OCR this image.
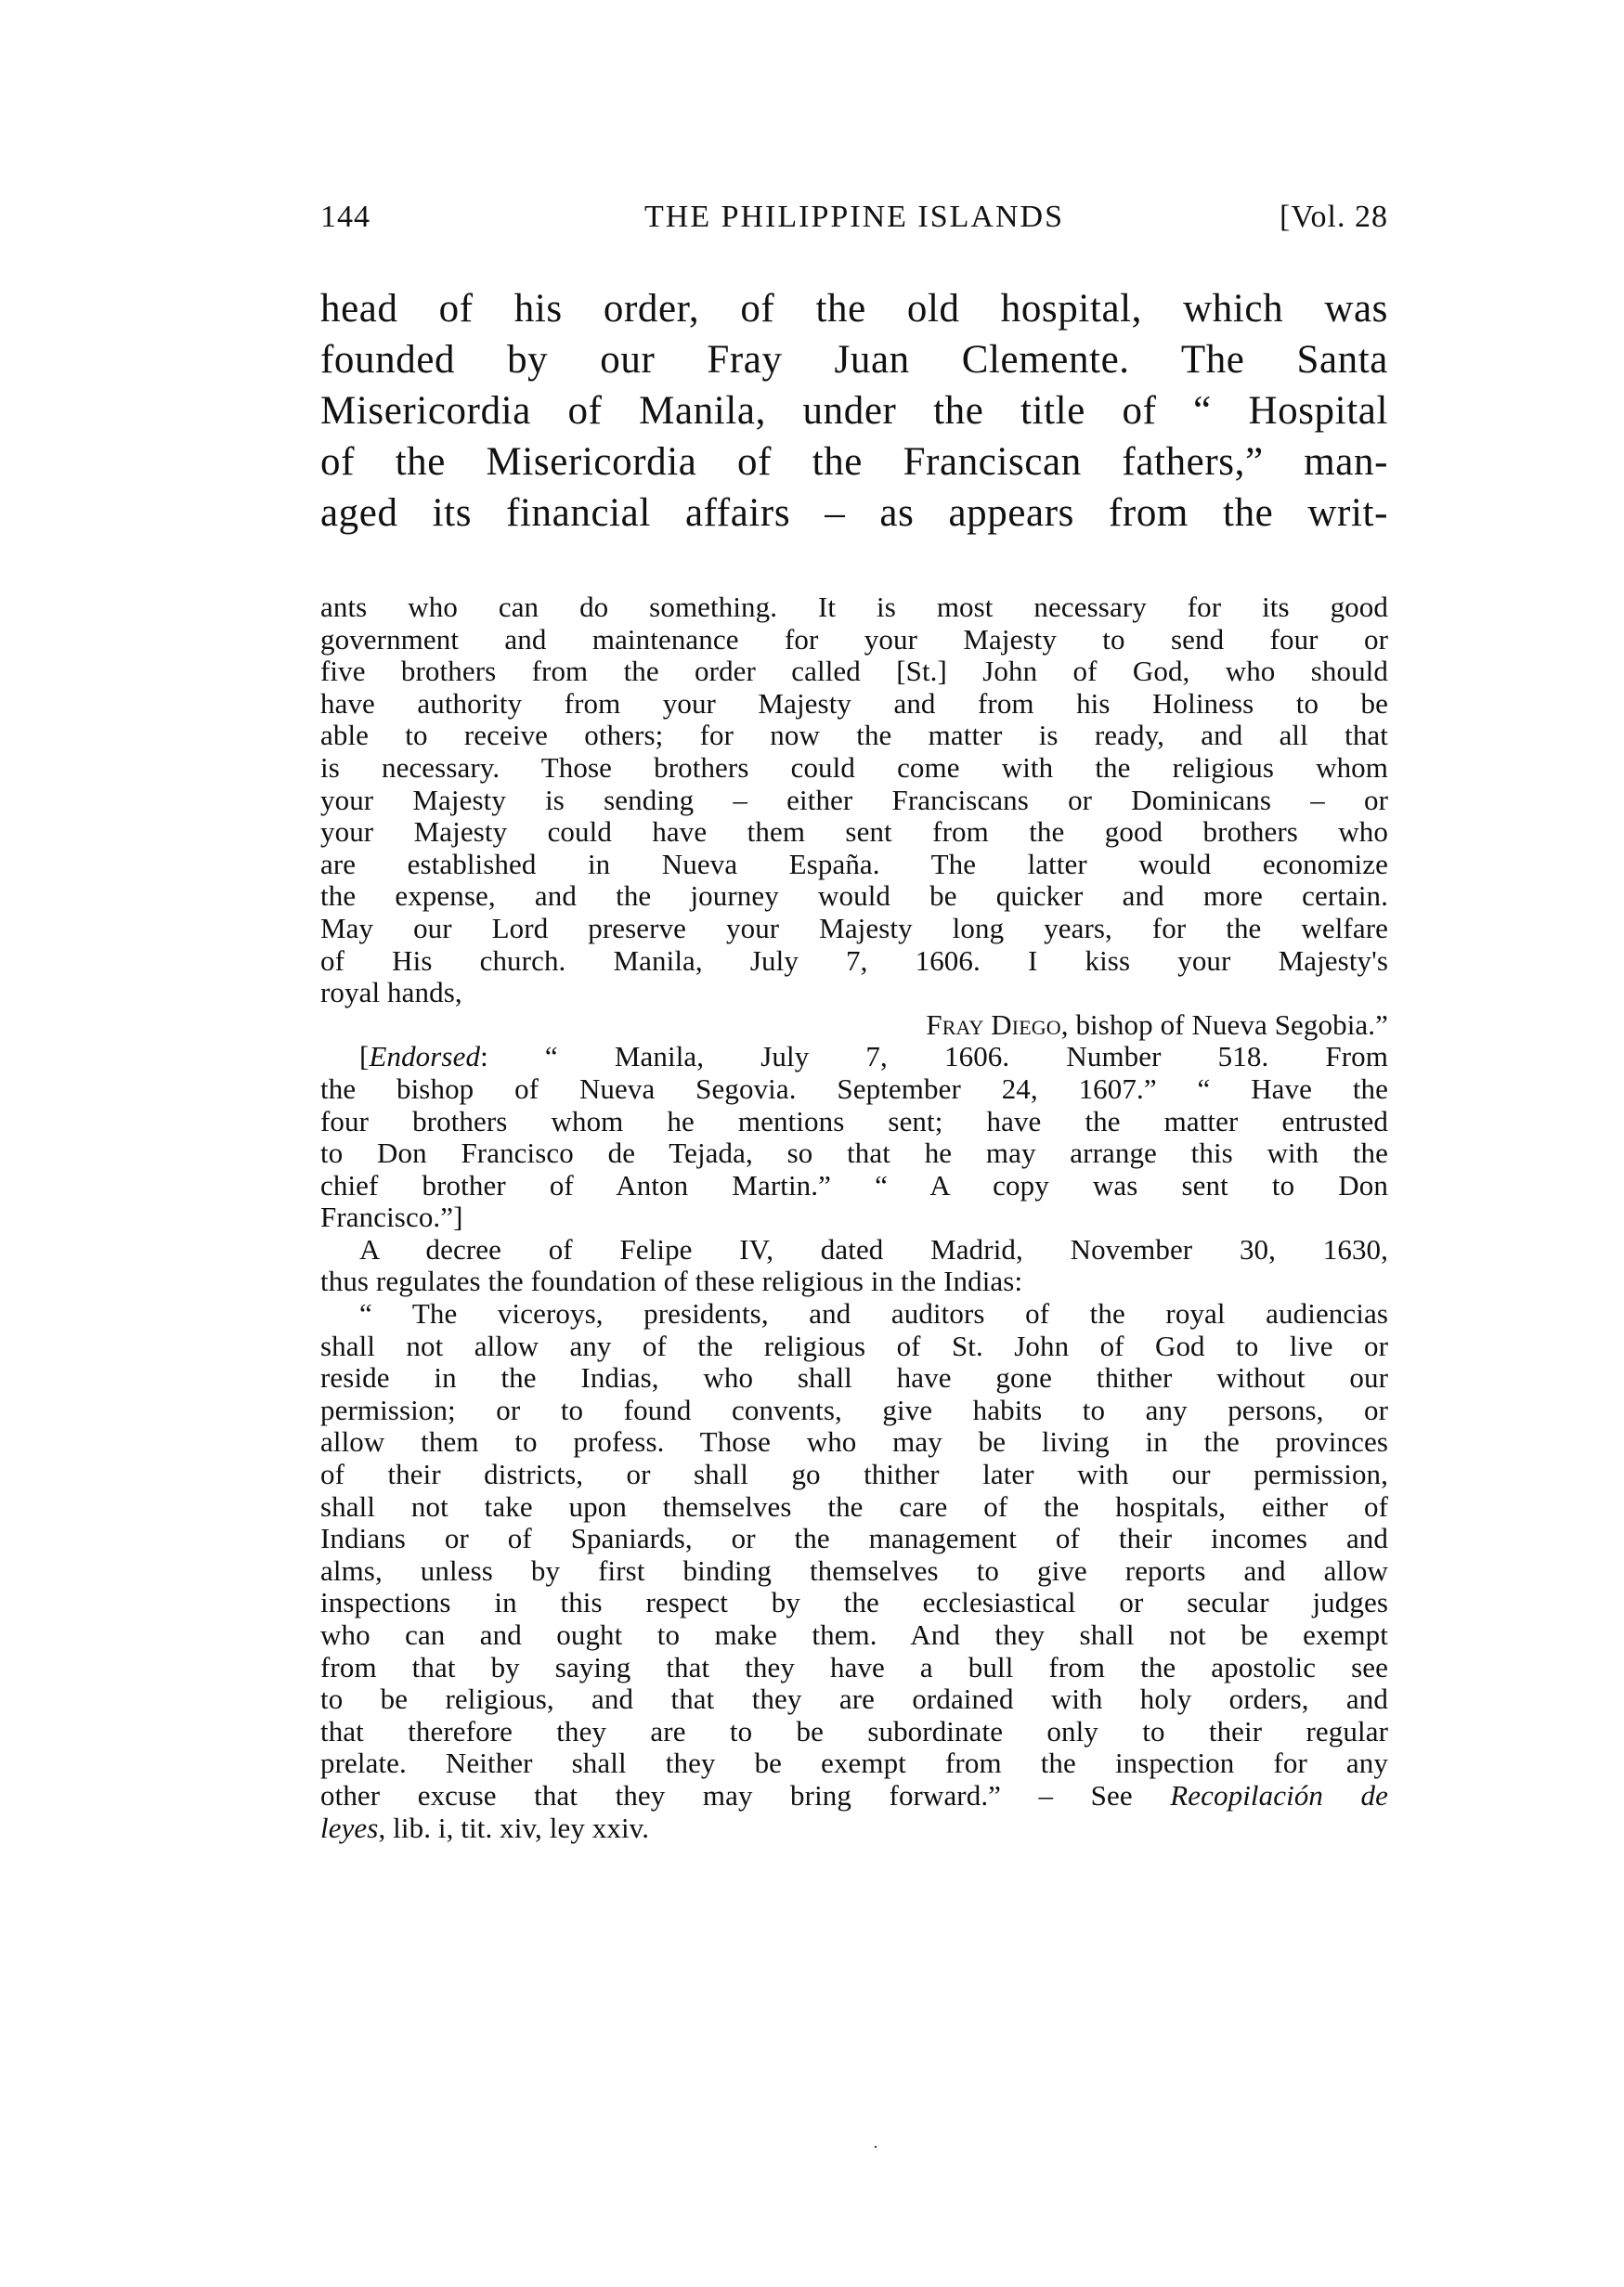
144	THE PHILIPPINE ISLANDS	[Vol. 28
head of his order, of the old hospital, which was
founded by our Fray Juan Clemente. The Santa
Misericordia of Manila, under the title of “ Hospital
of the Misericordia of the Franciscan fathers,” man-
aged its financial affairs – as appears from the writ-
ants who can do something. It is most necessary for its good
government and maintenance for your Majesty to send four or
five brothers from the order called [St.] John of God, who should
have authority from your Majesty and from his Holiness to be
able to receive others; for now the matter is ready, and all that
is necessary. Those brothers could come with the religious whom
your Majesty is sending – either Franciscans or Dominicans – or
your Majesty could have them sent from the good brothers who
are established in Nueva España. The latter would economize
the expense, and the journey would be quicker and more certain.
May our Lord preserve your Majesty long years, for the welfare
of His church. Manila, July 7, 1606. I kiss your Majesty's
royal hands,
Fray Diego, bishop of Nueva Segobia.”
[Endorsed: “ Manila, July 7, 1606. Number 518. From
the bishop of Nueva Segovia. September 24, 1607.” “ Have the
four brothers whom he mentions sent; have the matter entrusted
to Don Francisco de Tejada, so that he may arrange this with the
chief brother of Anton Martin.” “ A copy was sent to Don
Francisco.”]
A decree of Felipe IV, dated Madrid, November 30, 1630,
thus regulates the foundation of these religious in the Indias:
“ The viceroys, presidents, and auditors of the royal audiencias
shall not allow any of the religious of St. John of God to live or
reside in the Indias, who shall have gone thither without our
permission; or to found convents, give habits to any persons, or
allow them to profess. Those who may be living in the provinces
of their districts, or shall go thither later with our permission,
shall not take upon themselves the care of the hospitals, either of
Indians or of Spaniards, or the management of their incomes and
alms, unless by first binding themselves to give reports and allow
inspections in this respect by the ecclesiastical or secular judges
who can and ought to make them. And they shall not be exempt
from that by saying that they have a bull from the apostolic see
to be religious, and that they are ordained with holy orders, and
that therefore they are to be subordinate only to their regular
prelate. Neither shall they be exempt from the inspection for any
other excuse that they may bring forward.” – See Recopilación de
leyes, lib. i, tit. xiv, ley xxiv.
